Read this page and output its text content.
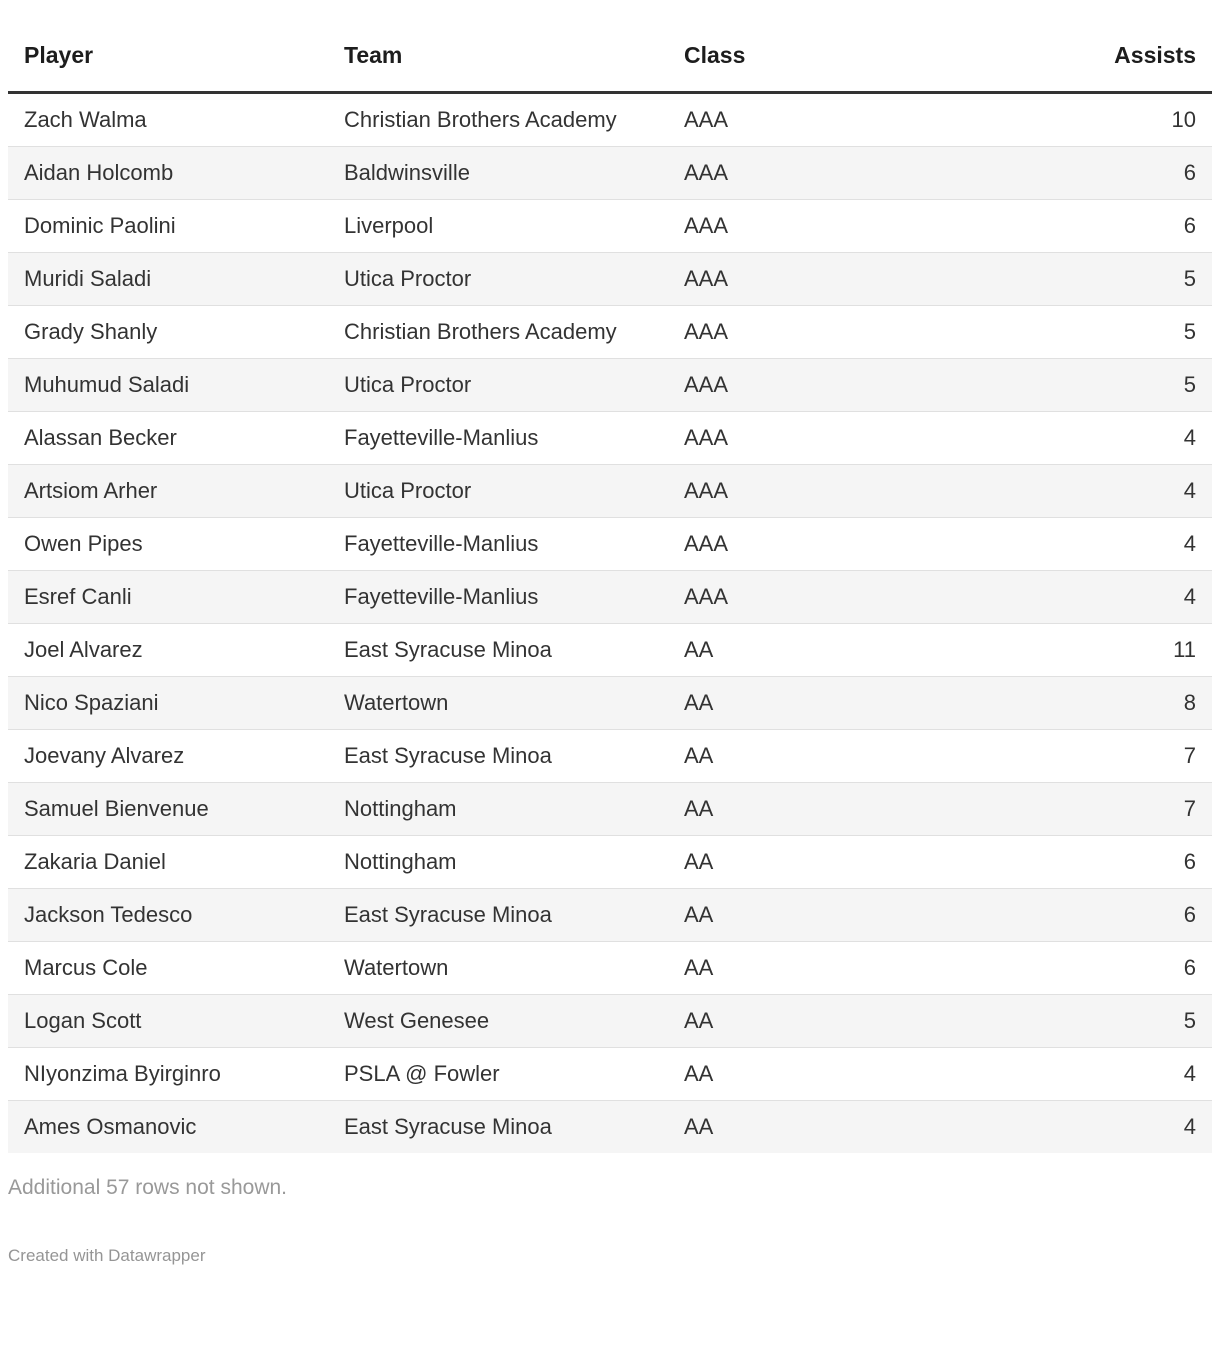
Player	Team	Class	Assists
Zach Walma	Christian Brothers Academy	AAA	10
Aidan Holcomb	Baldwinsville	AAA	6
Dominic Paolini	Liverpool	AAA	6
Muridi Saladi	Utica Proctor	AAA	5
Grady Shanly	Christian Brothers Academy	AAA	5
Muhumud Saladi	Utica Proctor	AAA	5
Alassan Becker	Fayetteville-Manlius	AAA	4
Artsiom Arher	Utica Proctor	AAA	4
Owen Pipes	Fayetteville-Manlius	AAA	4
Esref Canli	Fayetteville-Manlius	AAA	4
Joel Alvarez	East Syracuse Minoa	AA	11
Nico Spaziani	Watertown	AA	8
Joevany Alvarez	East Syracuse Minoa	AA	7
Samuel Bienvenue	Nottingham	AA	7
Zakaria Daniel	Nottingham	AA	6
Jackson Tedesco	East Syracuse Minoa	AA	6
Marcus Cole	Watertown	AA	6
Logan Scott	West Genesee	AA	5
NIyonzima Byirginro	PSLA @ Fowler	AA	4
Ames Osmanovic	East Syracuse Minoa	AA	4

Additional 57 rows not shown.

Created with Datawrapper
